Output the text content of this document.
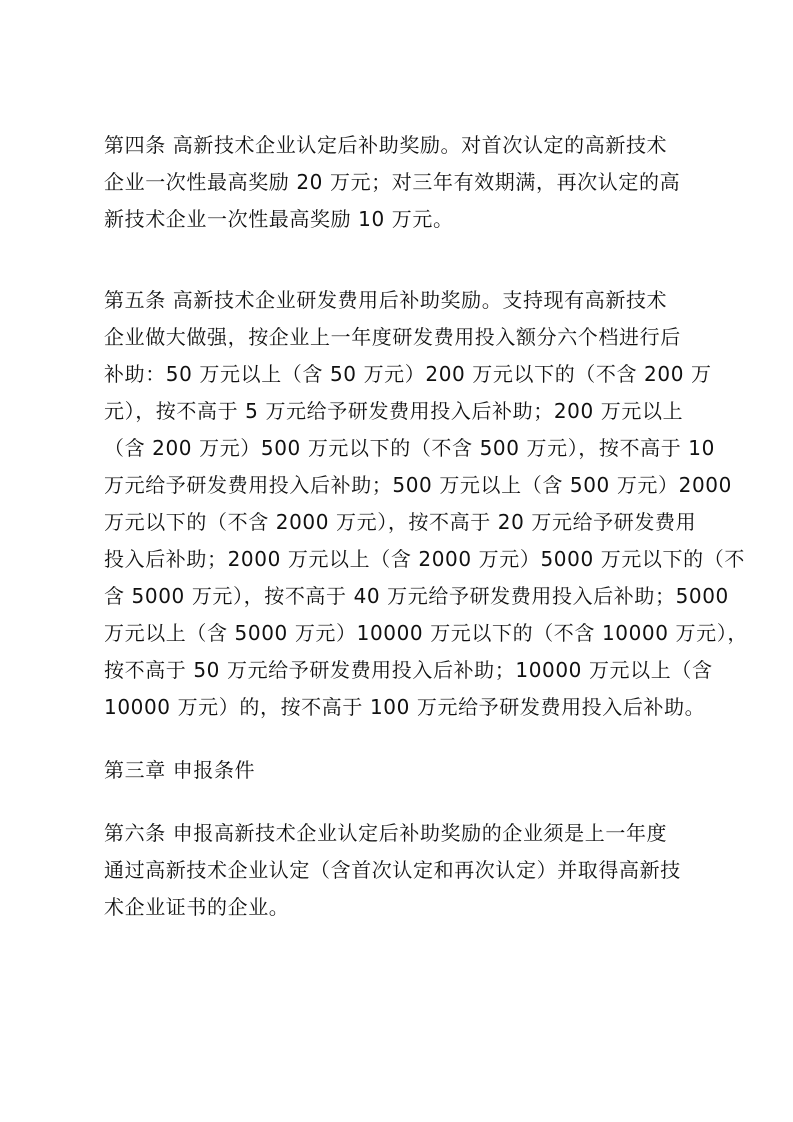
第四条 高新技术企业认定后补助奖励。对首次认定的高新技术
企业一次性最高奖励 20 万元；对三年有效期满，再次认定的高
新技术企业一次性最高奖励 10 万元。
第五条 高新技术企业研发费用后补助奖励。支持现有高新技术
企业做大做强，按企业上一年度研发费用投入额分六个档进行后
补助：50 万元以上（含 50 万元）200 万元以下的（不含 200 万
元），按不高于 5 万元给予研发费用投入后补助；200 万元以上
（含 200 万元）500 万元以下的（不含 500 万元），按不高于 10
万元给予研发费用投入后补助；500 万元以上（含 500 万元）2000
万元以下的（不含 2000 万元），按不高于 20 万元给予研发费用
投入后补助；2000 万元以上（含 2000 万元）5000 万元以下的（不
含 5000 万元），按不高于 40 万元给予研发费用投入后补助；5000
万元以上（含 5000 万元）10000 万元以下的（不含 10000 万元），
按不高于 50 万元给予研发费用投入后补助；10000 万元以上（含
10000 万元）的，按不高于 100 万元给予研发费用投入后补助。
第三章 申报条件
第六条 申报高新技术企业认定后补助奖励的企业须是上一年度
通过高新技术企业认定（含首次认定和再次认定）并取得高新技
术企业证书的企业。
